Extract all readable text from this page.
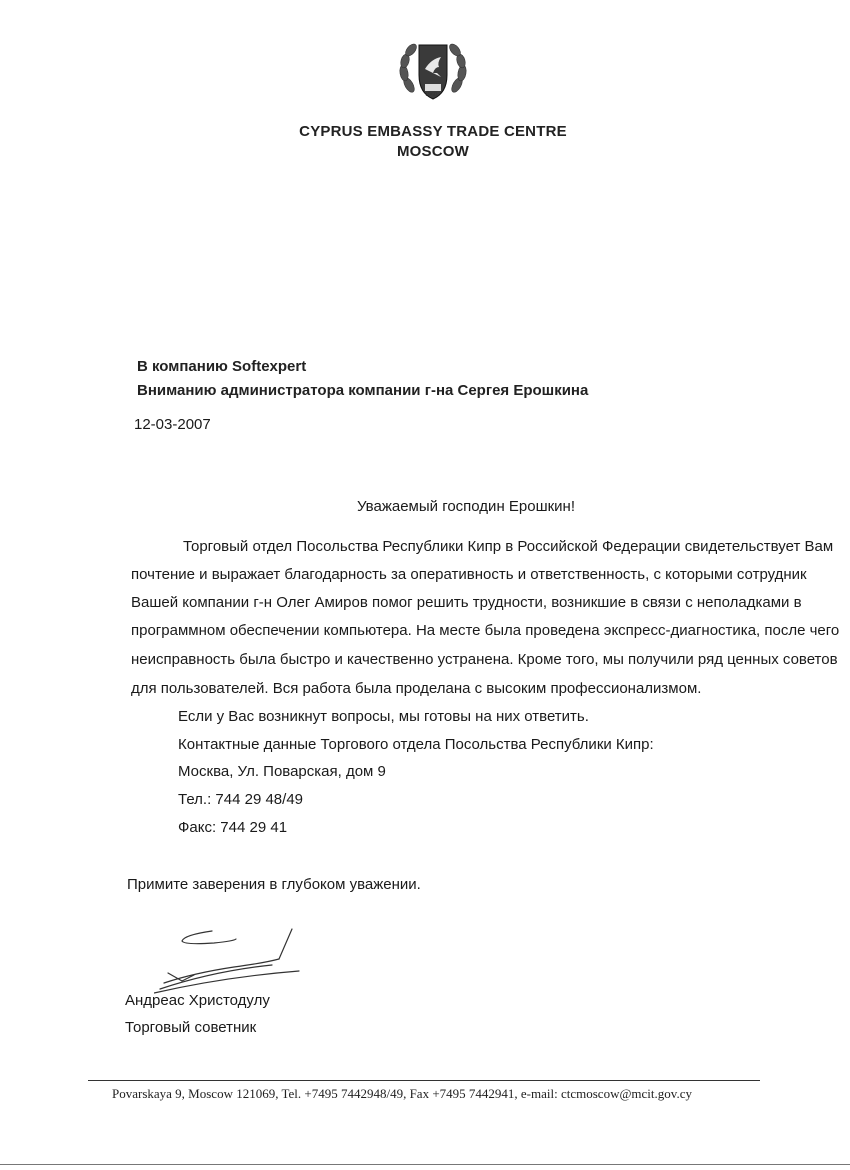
1960
CYPRUS EMBASSY TRADE CENTRE
MOSCOW
В компанию Softexpert
Вниманию администратора компании г-на Сергея Ерошкина
12-03-2007
Уважаемый господин Ерошкин!
Торговый отдел Посольства Республики Кипр в Российской Федерации свидетельствует Вам
почтение и выражает благодарность за оперативность и ответственность, с которыми сотрудник
Вашей компании г-н Олег Амиров помог решить трудности, возникшие в связи с неполадками в
программном обеспечении компьютера. На месте была проведена экспресс-диагностика, после чего
неисправность была быстро и качественно устранена. Кроме того, мы получили ряд ценных советов
для пользователей. Вся работа была проделана с высоким профессионализмом.
Если у Вас возникнут вопросы, мы готовы на них ответить.
Контактные данные Торгового отдела Посольства Республики Кипр:
Москва, Ул. Поварская, дом 9
Тел.: 744 29 48/49
Факс: 744 29 41
Примите заверения в глубоком уважении.
Андреас Христодулу
Торговый советник
Povarskaya 9, Moscow 121069, Tel. +7495 7442948/49, Fax +7495 7442941, e-mail: ctcmoscow@mcit.gov.cy
